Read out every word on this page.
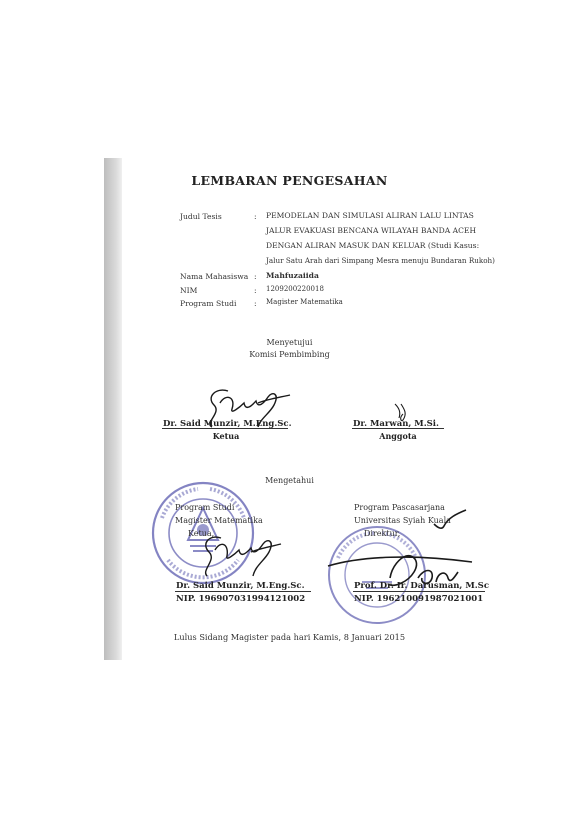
LEMBARAN PENGESAHAN
Judul Tesis	: PEMODELAN DAN SIMULASI ALIRAN LALU LINTAS
JALUR EVAKUASI BENCANA WILAYAH BANDA ACEH
DENGAN ALIRAN MASUK DAN KELUAR (Studi Kasus:
Jalur Satu Arah dari Simpang Mesra menuju Bundaran Rukoh)
Nama Mahasiswa : Mahfuzaiida
NIM	: 1209200220018
Program Studi : Magister Matematika
Menyetujui
Komisi Pembimbing
Dr. Said Munzir, M.Eng.Sc.
Ketua
Dr. Marwan, M.Si.
Anggota
Mengetahui
Program Studi
Magister Matematika
Ketua,
Dr. Said Munzir, M.Eng.Sc.
NIP. 196907031994121002
Program Pascasarjana
Universitas Syiah Kuala
Direktur,
Prof. Dr. Ir. Darusman, M.Sc
NIP. 196210091987021001
Lulus Sidang Magister pada hari Kamis, 8 Januari 2015
